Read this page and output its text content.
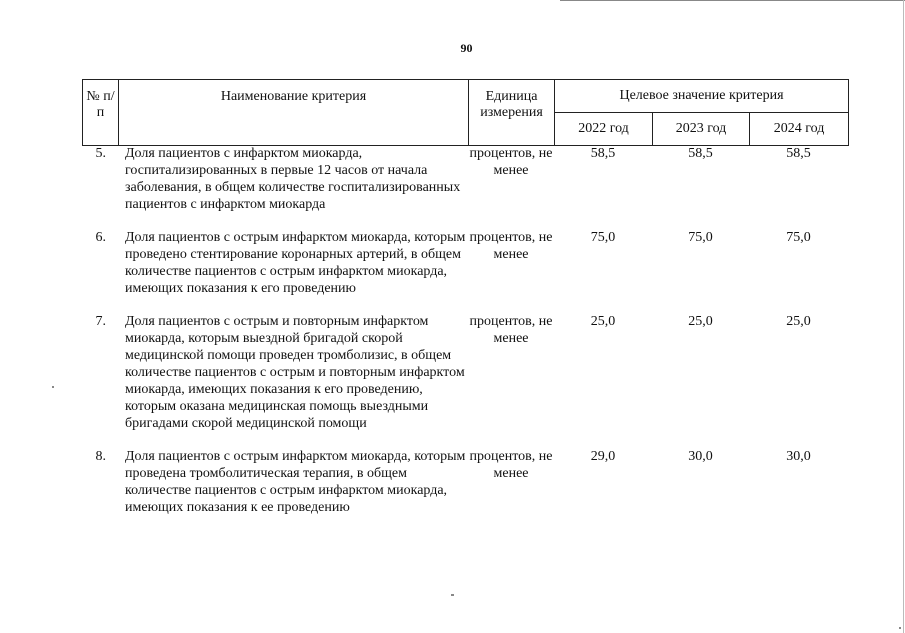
90
№ п/п	Наименование критерия	Единица измерения	Целевое значение критерия		
			2022 год	2023 год	2024 год
5.	Доля пациентов с инфарктом миокарда, госпитализированных в первые 12 часов от начала заболевания, в общем количестве госпитализированных пациентов с инфарктом миокарда	процентов, не менее	58,5	58,5	58,5

6.	Доля пациентов с острым инфарктом миокарда, которым проведено стентирование коронарных артерий, в общем количестве пациентов с острым инфарктом миокарда, имеющих показания к его проведению	процентов, не менее	75,0	75,0	75,0

7.	Доля пациентов с острым и повторным инфарктом миокарда, которым выездной бригадой скорой медицинской помощи проведен тромболизис, в общем количестве пациентов с острым и повторным инфарктом миокарда, имеющих показания к его проведению, которым оказана медицинская помощь выездными бригадами скорой медицинской помощи	процентов, не менее	25,0	25,0	25,0

8.	Доля пациентов с острым инфарктом миокарда, которым проведена тромболитическая терапия, в общем количестве пациентов с острым инфарктом миокарда, имеющих показания к ее проведению	процентов, не менее	29,0	30,0	30,0
